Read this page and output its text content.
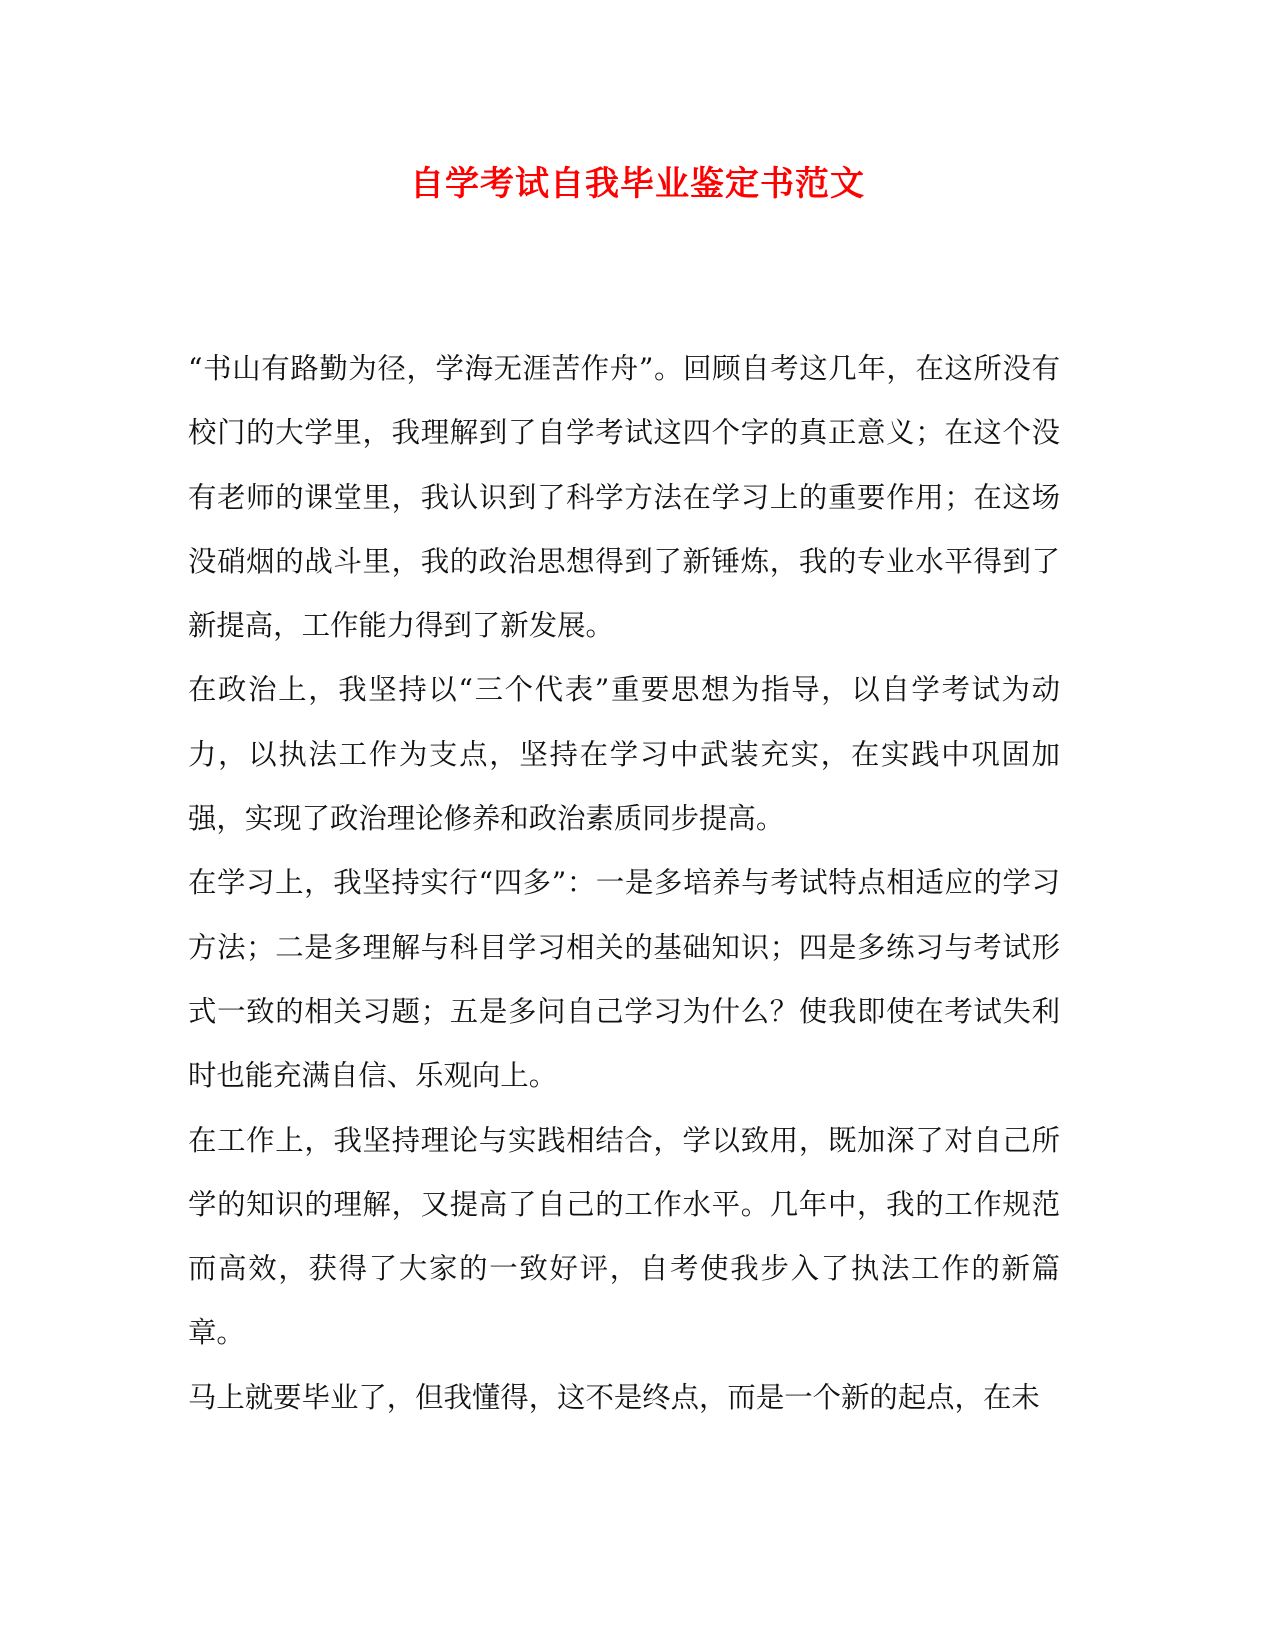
自学考试自我毕业鉴定书范文

“书山有路勤为径，学海无涯苦作舟”。回顾自考这几年，在这所没有校门的大学里，我理解到了自学考试这四个字的真正意义；在这个没有老师的课堂里，我认识到了科学方法在学习上的重要作用；在这场没硝烟的战斗里，我的政治思想得到了新锤炼，我的专业水平得到了新提高，工作能力得到了新发展。

在政治上，我坚持以“三个代表”重要思想为指导，以自学考试为动力，以执法工作为支点，坚持在学习中武装充实，在实践中巩固加强，实现了政治理论修养和政治素质同步提高。

在学习上，我坚持实行“四多”：一是多培养与考试特点相适应的学习方法；二是多理解与科目学习相关的基础知识；四是多练习与考试形式一致的相关习题；五是多问自己学习为什么？使我即使在考试失利时也能充满自信、乐观向上。

在工作上，我坚持理论与实践相结合，学以致用，既加深了对自己所学的知识的理解，又提高了自己的工作水平。几年中，我的工作规范而高效，获得了大家的一致好评，自考使我步入了执法工作的新篇章。

马上就要毕业了，但我懂得，这不是终点，而是一个新的起点，在未
